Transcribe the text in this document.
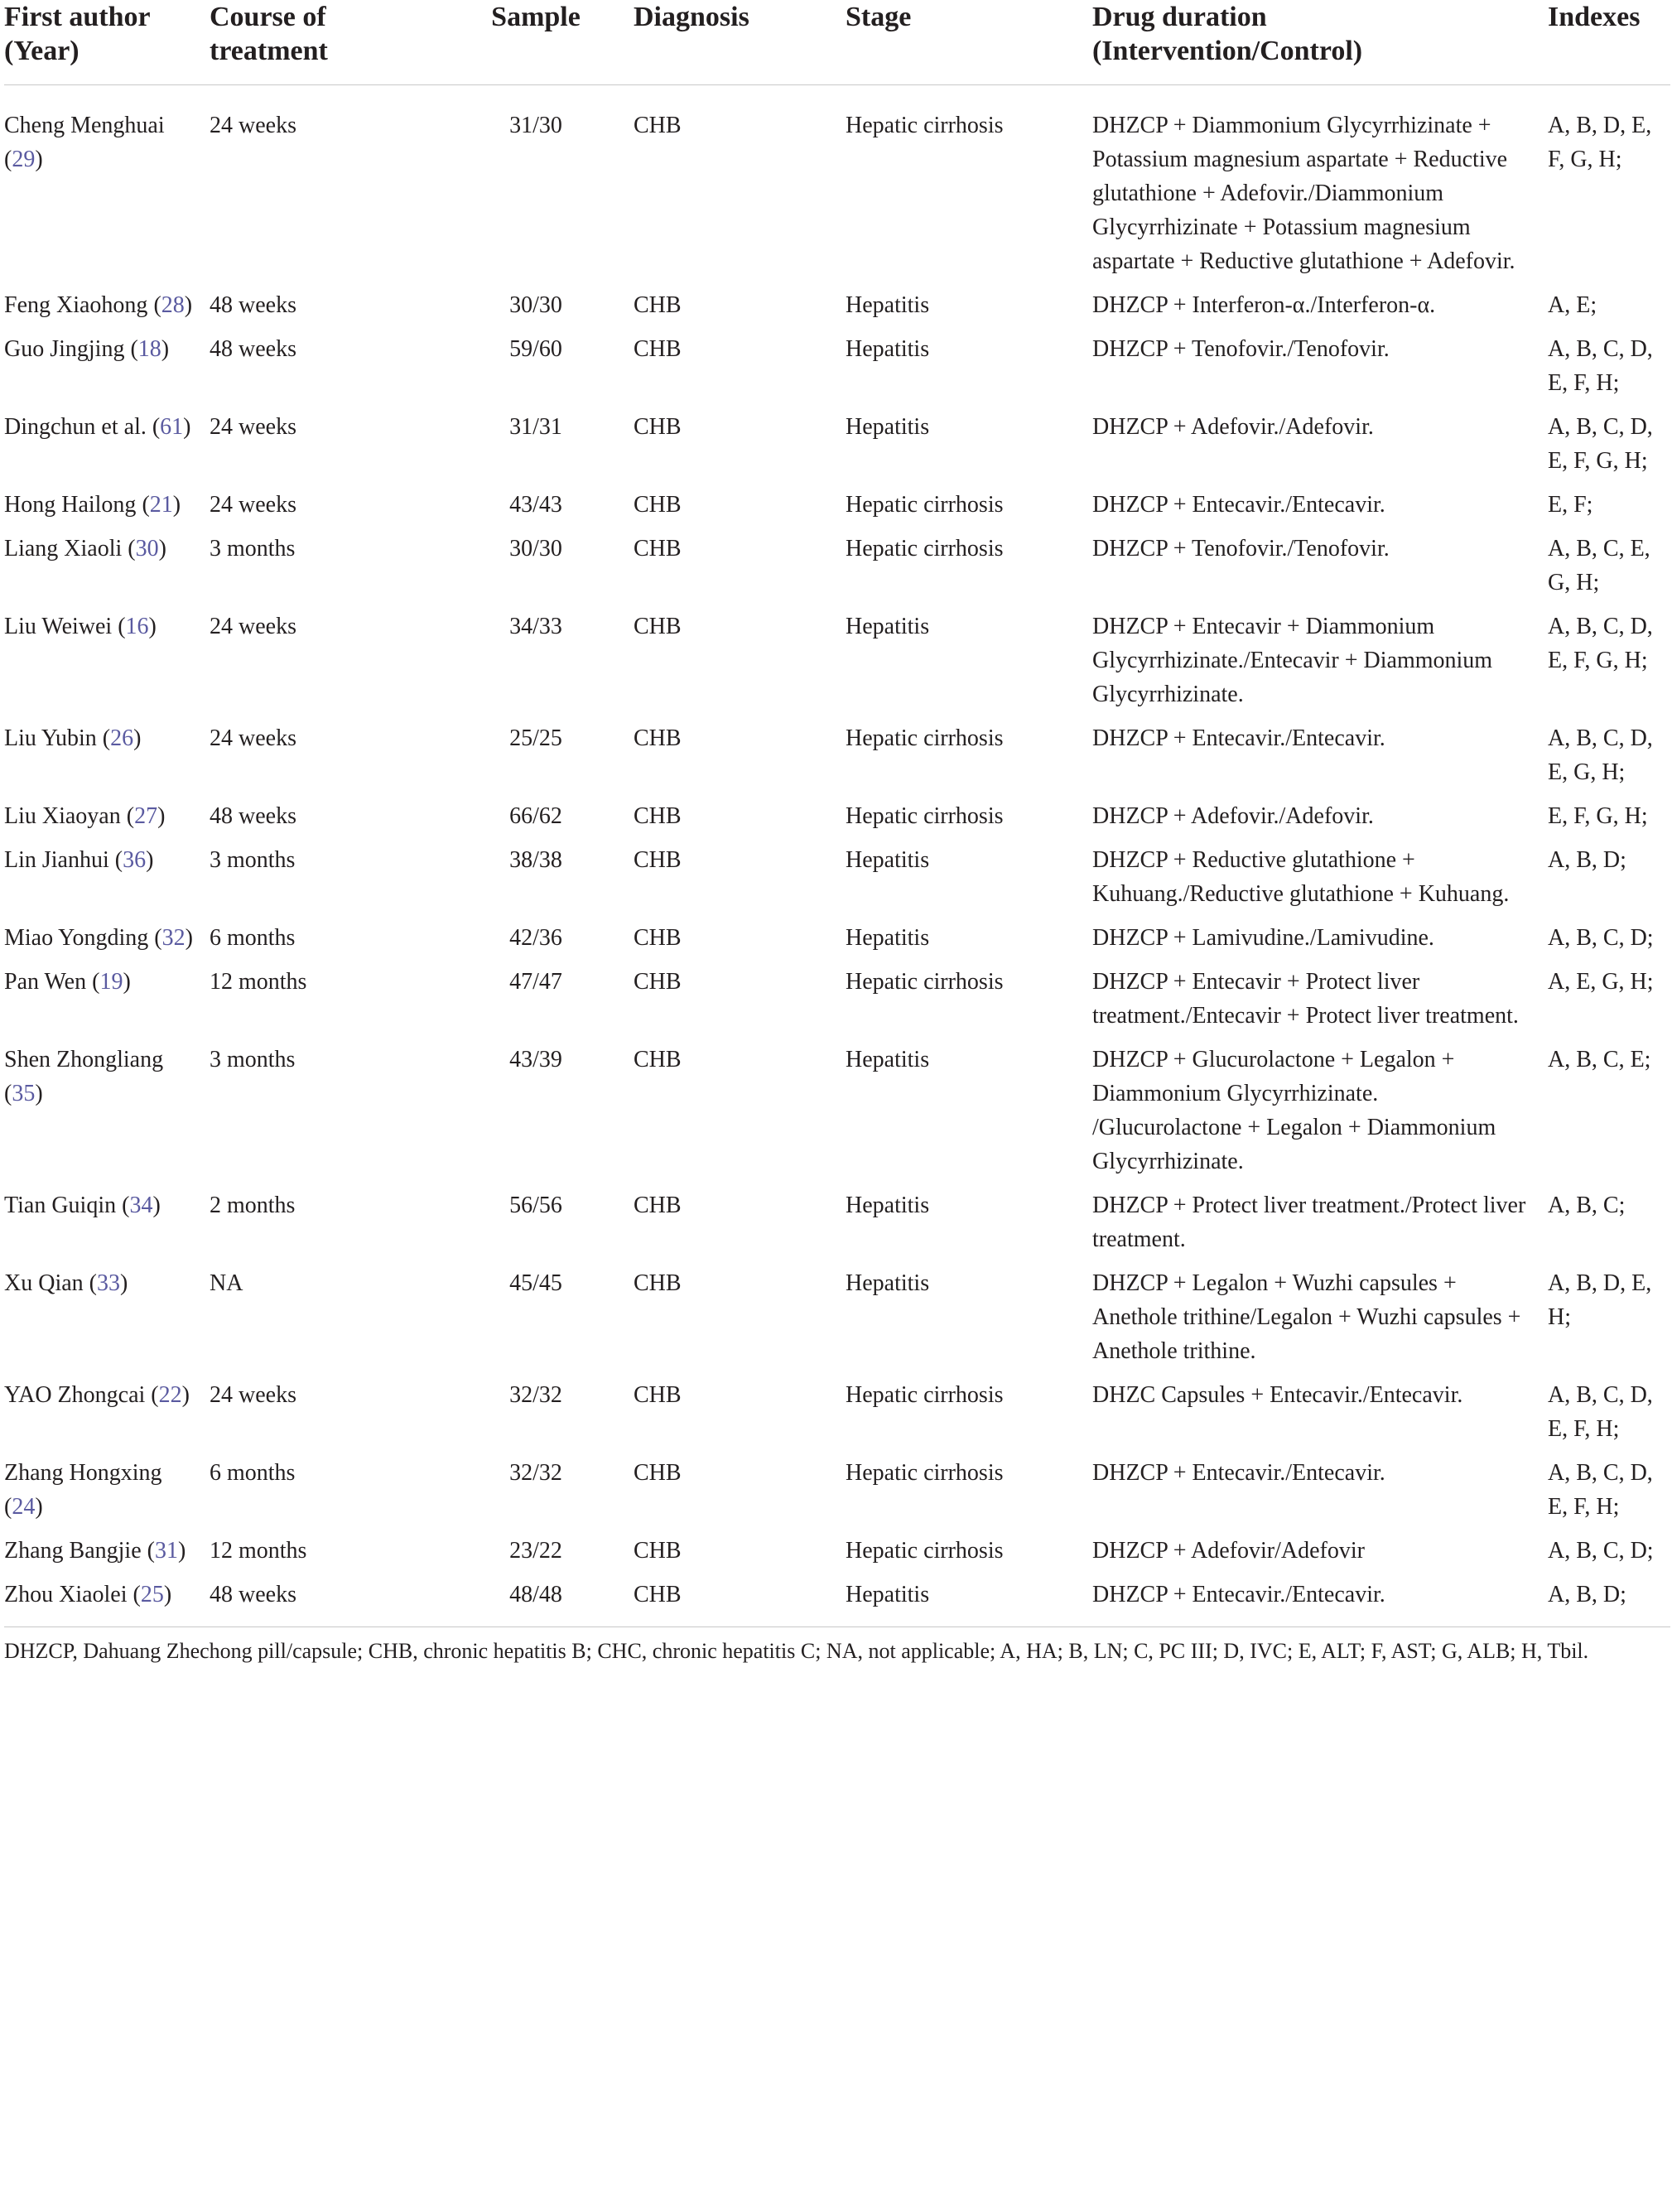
First author (Year)	Course of treatment	Sample	Diagnosis	Stage	Drug duration (Intervention/Control)	Indexes
Cheng Menghuai (29)	24 weeks	31/30	CHB	Hepatic cirrhosis	DHZCP + Diammonium Glycyrrhizinate + Potassium magnesium aspartate + Reductive glutathione + Adefovir./Diammonium Glycyrrhizinate + Potassium magnesium aspartate + Reductive glutathione + Adefovir.	A, B, D, E, F, G, H;
Feng Xiaohong (28)	48 weeks	30/30	CHB	Hepatitis	DHZCP + Interferon-α./Interferon-α.	A, E;
Guo Jingjing (18)	48 weeks	59/60	CHB	Hepatitis	DHZCP + Tenofovir./Tenofovir.	A, B, C, D, E, F, H;
Dingchun et al. (61)	24 weeks	31/31	CHB	Hepatitis	DHZCP + Adefovir./Adefovir.	A, B, C, D, E, F, G, H;
Hong Hailong (21)	24 weeks	43/43	CHB	Hepatic cirrhosis	DHZCP + Entecavir./Entecavir.	E, F;
Liang Xiaoli (30)	3 months	30/30	CHB	Hepatic cirrhosis	DHZCP + Tenofovir./Tenofovir.	A, B, C, E, G, H;
Liu Weiwei (16)	24 weeks	34/33	CHB	Hepatitis	DHZCP + Entecavir + Diammonium Glycyrrhizinate./Entecavir + Diammonium Glycyrrhizinate.	A, B, C, D, E, F, G, H;
Liu Yubin (26)	24 weeks	25/25	CHB	Hepatic cirrhosis	DHZCP + Entecavir./Entecavir.	A, B, C, D, E, G, H;
Liu Xiaoyan (27)	48 weeks	66/62	CHB	Hepatic cirrhosis	DHZCP + Adefovir./Adefovir.	E, F, G, H;
Lin Jianhui (36)	3 months	38/38	CHB	Hepatitis	DHZCP + Reductive glutathione + Kuhuang./Reductive glutathione + Kuhuang.	A, B, D;
Miao Yongding (32)	6 months	42/36	CHB	Hepatitis	DHZCP + Lamivudine./Lamivudine.	A, B, C, D;
Pan Wen (19)	12 months	47/47	CHB	Hepatic cirrhosis	DHZCP + Entecavir + Protect liver treatment./Entecavir + Protect liver treatment.	A, E, G, H;
Shen Zhongliang (35)	3 months	43/39	CHB	Hepatitis	DHZCP + Glucurolactone + Legalon + Diammonium Glycyrrhizinate. /Glucurolactone + Legalon + Diammonium Glycyrrhizinate.	A, B, C, E;
Tian Guiqin (34)	2 months	56/56	CHB	Hepatitis	DHZCP + Protect liver treatment./Protect liver treatment.	A, B, C;
Xu Qian (33)	NA	45/45	CHB	Hepatitis	DHZCP + Legalon + Wuzhi capsules + Anethole trithine/Legalon + Wuzhi capsules + Anethole trithine.	A, B, D, E, H;
YAO Zhongcai (22)	24 weeks	32/32	CHB	Hepatic cirrhosis	DHZC Capsules + Entecavir./Entecavir.	A, B, C, D, E, F, H;
Zhang Hongxing (24)	6 months	32/32	CHB	Hepatic cirrhosis	DHZCP + Entecavir./Entecavir.	A, B, C, D, E, F, H;
Zhang Bangjie (31)	12 months	23/22	CHB	Hepatic cirrhosis	DHZCP + Adefovir/Adefovir	A, B, C, D;
Zhou Xiaolei (25)	48 weeks	48/48	CHB	Hepatitis	DHZCP + Entecavir./Entecavir.	A, B, D;
DHZCP, Dahuang Zhechong pill/capsule; CHB, chronic hepatitis B; CHC, chronic hepatitis C; NA, not applicable; A, HA; B, LN; C, PC III; D, IVC; E, ALT; F, AST; G, ALB; H, Tbil.
